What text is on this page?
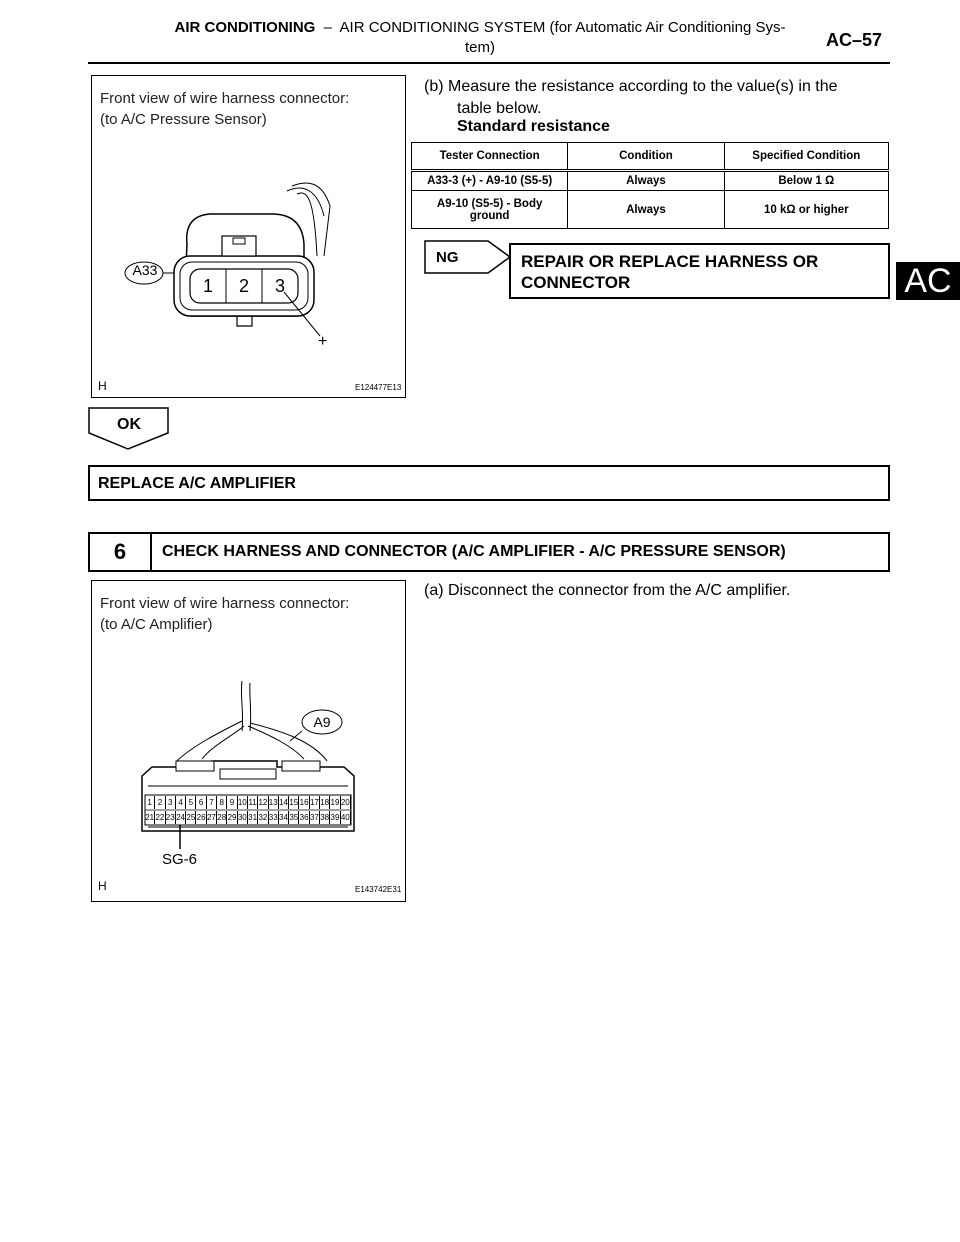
AIR CONDITIONING  –  AIR CONDITIONING SYSTEM (for Automatic Air Conditioning Sys-
tem)	AC–57
AC
Front view of wire harness connector:
(to A/C Pressure Sensor)
A33
1 2 3
+
H	E124477E13
(b) Measure the resistance according to the value(s) in the
table below.
Standard resistance
Tester Connection	Condition	Specified Condition
A33-3 (+) - A9-10 (S5-5)	Always	Below 1 Ω
A9-10 (S5-5) - Body ground	Always	10 kΩ or higher
NG	REPAIR OR REPLACE HARNESS OR
CONNECTOR
OK
REPLACE A/C AMPLIFIER
6	CHECK HARNESS AND CONNECTOR (A/C AMPLIFIER - A/C PRESSURE SENSOR)
(a) Disconnect the connector from the A/C amplifier.
Front view of wire harness connector:
(to A/C Amplifier)
1 2 3 4 5 6 7 8 9 10 11 12 13 14 15 16 17 18 19 20
21 22 23 24 25 26 27 28 29 30 31 32 33 34 35 36 37 38 39 40
A9
SG-6
H	E143742E31
